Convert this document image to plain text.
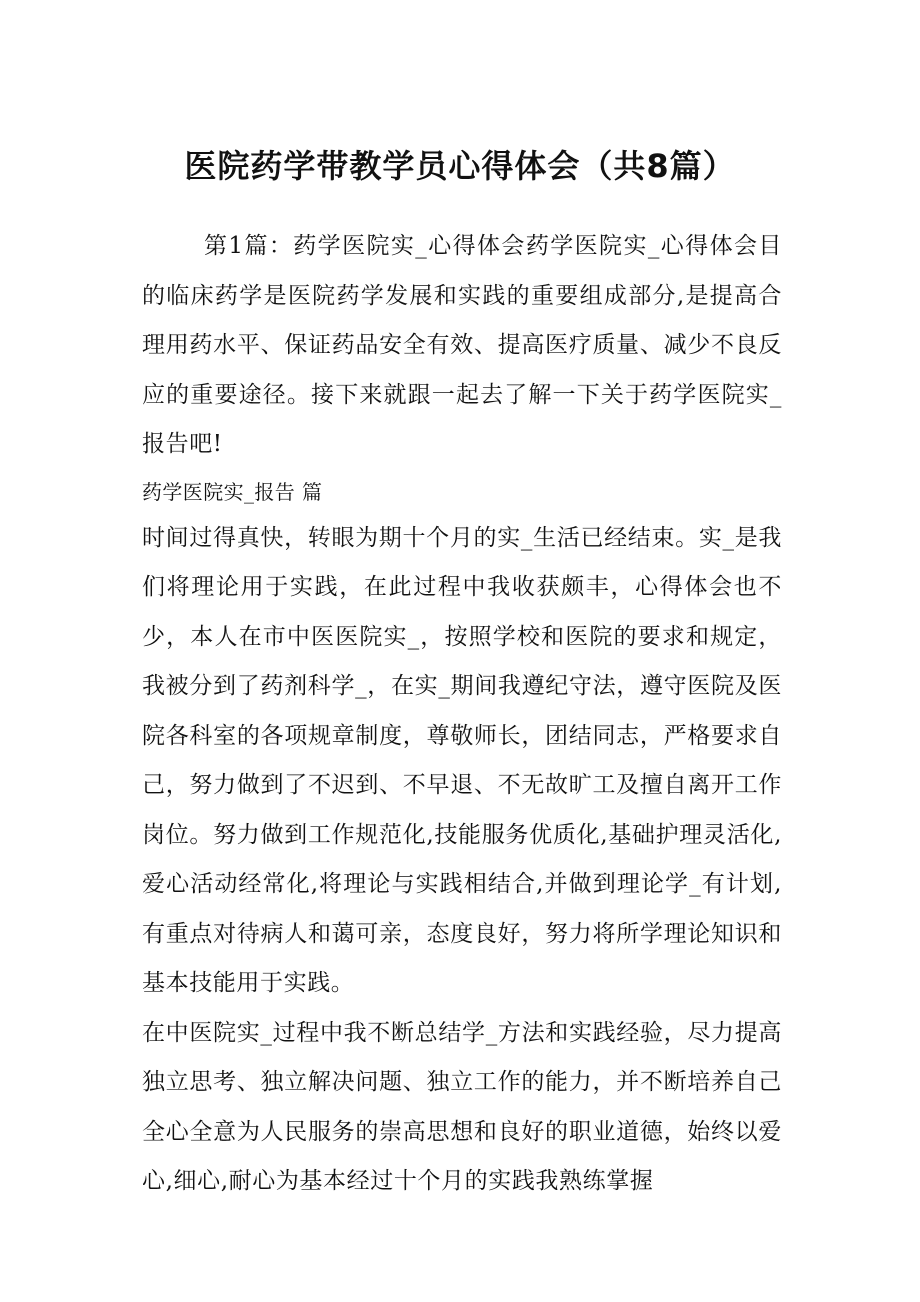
医院药学带教学员心得体会（共8篇）

第1篇：药学医院实_心得体会药学医院实_心得体会目的临床药学是医院药学发展和实践的重要组成部分,是提高合理用药水平、保证药品安全有效、提高医疗质量、减少不良反应的重要途径。接下来就跟一起去了解一下关于药学医院实_报告吧!

药学医院实_报告 篇

时间过得真快，转眼为期十个月的实_生活已经结束。实_是我们将理论用于实践，在此过程中我收获颇丰，心得体会也不少，本人在市中医医院实_，按照学校和医院的要求和规定，我被分到了药剂科学_，在实_期间我遵纪守法，遵守医院及医院各科室的各项规章制度，尊敬师长，团结同志，严格要求自己，努力做到了不迟到、不早退、不无故旷工及擅自离开工作岗位。努力做到工作规范化,技能服务优质化,基础护理灵活化,爱心活动经常化,将理论与实践相结合,并做到理论学_有计划,有重点对待病人和蔼可亲，态度良好，努力将所学理论知识和基本技能用于实践。

在中医院实_过程中我不断总结学_方法和实践经验，尽力提高独立思考、独立解决问题、独立工作的能力，并不断培养自己全心全意为人民服务的崇高思想和良好的职业道德，始终以爱心,细心,耐心为基本经过十个月的实践我熟练掌握
